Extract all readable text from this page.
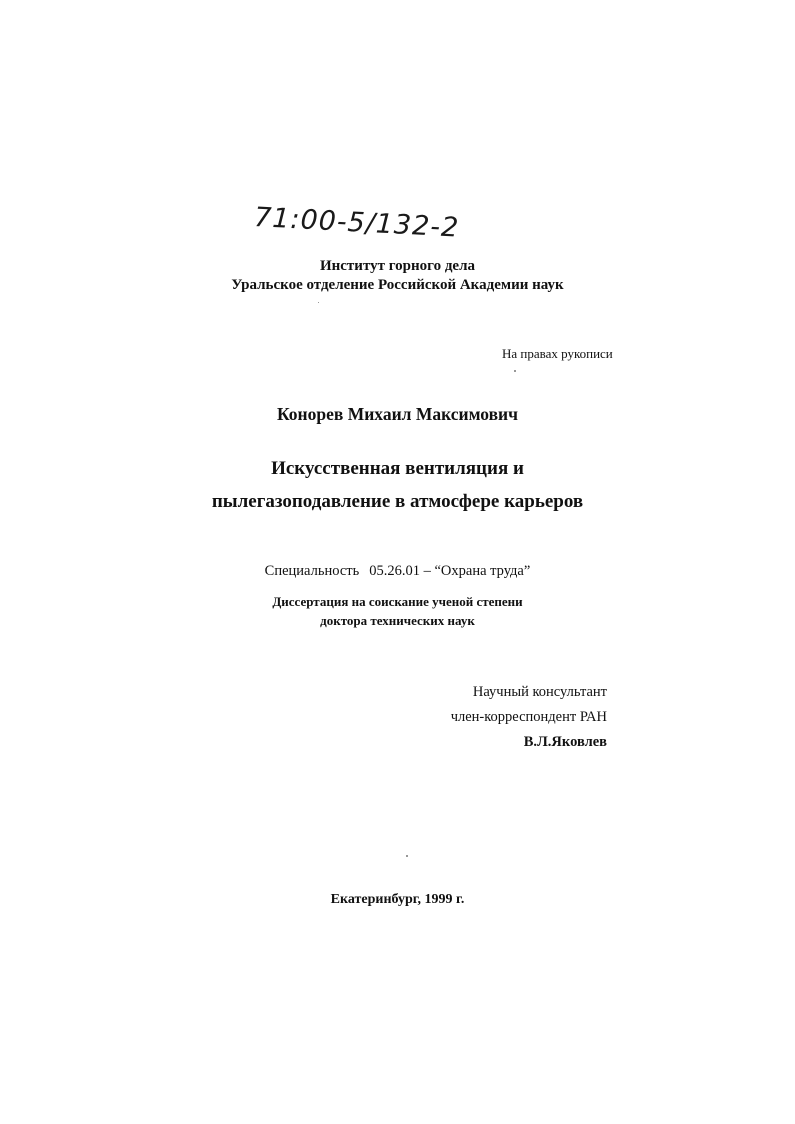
71:00-5/132-2
Институт горного дела
Уральское отделение Российской Академии наук
На правах рукописи
Конорев Михаил Максимович
Искусственная вентиляция и
пылегазоподавление в атмосфере карьеров
Специальность 05.26.01 – “Охрана труда”
Диссертация на соискание ученой степени
доктора технических наук
Научный консультант
член-корреспондент РАН
В.Л.Яковлев
Екатеринбург, 1999 г.
